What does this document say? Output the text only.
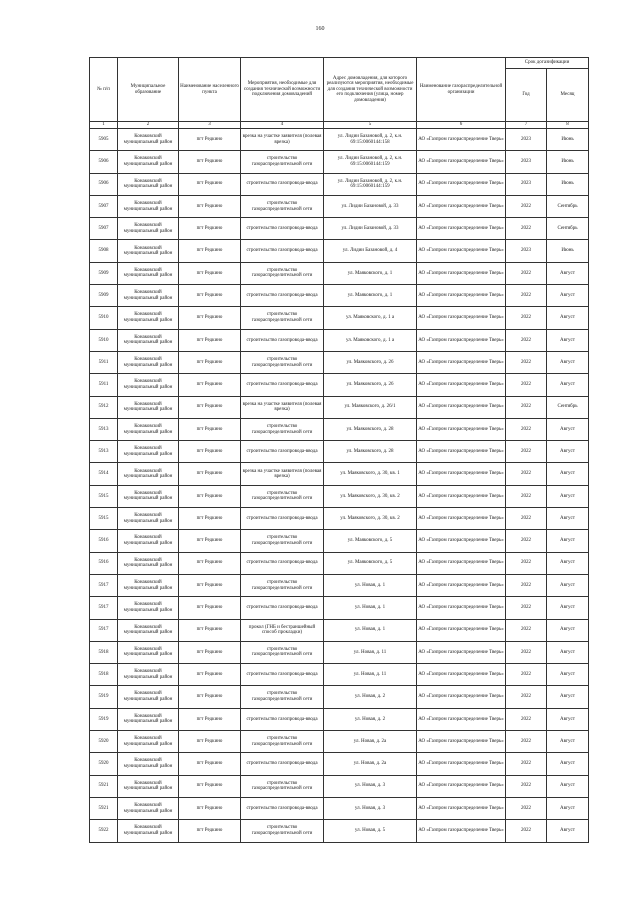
160
№ п/п	Муниципальное образование	Наименование населенного пункта	Мероприятия, необходимые для создания технической возможности подключения домовладений	Адрес домовладения, для которого реализуются мероприятия, необходимые для создания технической возможности его подключения (улица, номер домовладения)	Наименование газораспределительной организации	Срок догазификации	
						Год	Месяц
1	2	3	4	5	6	7	8
5905	Конаковский муниципальный район	пгт Редкино	врезка на участке заявителя (полевая врезка)	ул. Лидии Базановой, д. 2, к.н. 69:15:0060144:158	АО «Газпром газораспределение Тверь»	2023	Июнь
5906	Конаковский муниципальный район	пгт Редкино	строительство газораспределительной сети	ул. Лидии Базановой, д. 2, к.н. 69:15:0060144:159	АО «Газпром газораспределение Тверь»	2023	Июнь
5906	Конаковский муниципальный район	пгт Редкино	строительство газопровода-ввода	ул. Лидии Базановой, д. 2, к.н. 69:15:0060144:159	АО «Газпром газораспределение Тверь»	2023	Июнь
5907	Конаковский муниципальный район	пгт Редкино	строительство газораспределительной сети	ул. Лидии Базановой, д. 33	АО «Газпром газораспределение Тверь»	2022	Сентябрь
5907	Конаковский муниципальный район	пгт Редкино	строительство газопровода-ввода	ул. Лидии Базановой, д. 33	АО «Газпром газораспределение Тверь»	2022	Сентябрь
5908	Конаковский муниципальный район	пгт Редкино	строительство газопровода-ввода	ул. Лидии Базановой, д. 4	АО «Газпром газораспределение Тверь»	2023	Июнь
5909	Конаковский муниципальный район	пгт Редкино	строительство газораспределительной сети	ул. Маяковского, д. 1	АО «Газпром газораспределение Тверь»	2022	Август
5909	Конаковский муниципальный район	пгт Редкино	строительство газопровода-ввода	ул. Маяковского, д. 1	АО «Газпром газораспределение Тверь»	2022	Август
5910	Конаковский муниципальный район	пгт Редкино	строительство газораспределительной сети	ул. Маяковского, д. 1 а	АО «Газпром газораспределение Тверь»	2022	Август
5910	Конаковский муниципальный район	пгт Редкино	строительство газопровода-ввода	ул. Маяковского, д. 1 а	АО «Газпром газораспределение Тверь»	2022	Август
5911	Конаковский муниципальный район	пгт Редкино	строительство газораспределительной сети	ул. Маяковского, д. 26	АО «Газпром газораспределение Тверь»	2022	Август
5911	Конаковский муниципальный район	пгт Редкино	строительство газопровода-ввода	ул. Маяковского, д. 26	АО «Газпром газораспределение Тверь»	2022	Август
5912	Конаковский муниципальный район	пгт Редкино	врезка на участке заявителя (полевая врезка)	ул. Маяковского, д. 26/1	АО «Газпром газораспределение Тверь»	2022	Сентябрь
5913	Конаковский муниципальный район	пгт Редкино	строительство газораспределительной сети	ул. Маяковского, д. 28	АО «Газпром газораспределение Тверь»	2022	Август
5913	Конаковский муниципальный район	пгт Редкино	строительство газопровода-ввода	ул. Маяковского, д. 28	АО «Газпром газораспределение Тверь»	2022	Август
5914	Конаковский муниципальный район	пгт Редкино	врезка на участке заявителя (полевая врезка)	ул. Маяковского, д. 30, кв. 1	АО «Газпром газораспределение Тверь»	2022	Август
5915	Конаковский муниципальный район	пгт Редкино	строительство газораспределительной сети	ул. Маяковского, д. 30, кв. 2	АО «Газпром газораспределение Тверь»	2022	Август
5915	Конаковский муниципальный район	пгт Редкино	строительство газопровода-ввода	ул. Маяковского, д. 30, кв. 2	АО «Газпром газораспределение Тверь»	2022	Август
5916	Конаковский муниципальный район	пгт Редкино	строительство газораспределительной сети	ул. Маяковского, д. 5	АО «Газпром газораспределение Тверь»	2022	Август
5916	Конаковский муниципальный район	пгт Редкино	строительство газопровода-ввода	ул. Маяковского, д. 5	АО «Газпром газораспределение Тверь»	2022	Август
5917	Конаковский муниципальный район	пгт Редкино	строительство газораспределительной сети	ул. Новая, д. 1	АО «Газпром газораспределение Тверь»	2022	Август
5917	Конаковский муниципальный район	пгт Редкино	строительство газопровода-ввода	ул. Новая, д. 1	АО «Газпром газораспределение Тверь»	2022	Август
5917	Конаковский муниципальный район	пгт Редкино	прокол (ГНБ и бестраншейный способ прокладки)	ул. Новая, д. 1	АО «Газпром газораспределение Тверь»	2022	Август
5918	Конаковский муниципальный район	пгт Редкино	строительство газораспределительной сети	ул. Новая, д. 11	АО «Газпром газораспределение Тверь»	2022	Август
5918	Конаковский муниципальный район	пгт Редкино	строительство газопровода-ввода	ул. Новая, д. 11	АО «Газпром газораспределение Тверь»	2022	Август
5919	Конаковский муниципальный район	пгт Редкино	строительство газораспределительной сети	ул. Новая, д. 2	АО «Газпром газораспределение Тверь»	2022	Август
5919	Конаковский муниципальный район	пгт Редкино	строительство газопровода-ввода	ул. Новая, д. 2	АО «Газпром газораспределение Тверь»	2022	Август
5920	Конаковский муниципальный район	пгт Редкино	строительство газораспределительной сети	ул. Новая, д. 2а	АО «Газпром газораспределение Тверь»	2022	Август
5920	Конаковский муниципальный район	пгт Редкино	строительство газопровода-ввода	ул. Новая, д. 2а	АО «Газпром газораспределение Тверь»	2022	Август
5921	Конаковский муниципальный район	пгт Редкино	строительство газораспределительной сети	ул. Новая, д. 3	АО «Газпром газораспределение Тверь»	2022	Август
5921	Конаковский муниципальный район	пгт Редкино	строительство газопровода-ввода	ул. Новая, д. 3	АО «Газпром газораспределение Тверь»	2022	Август
5922	Конаковский муниципальный район	пгт Редкино	строительство газораспределительной сети	ул. Новая, д. 5	АО «Газпром газораспределение Тверь»	2022	Август
